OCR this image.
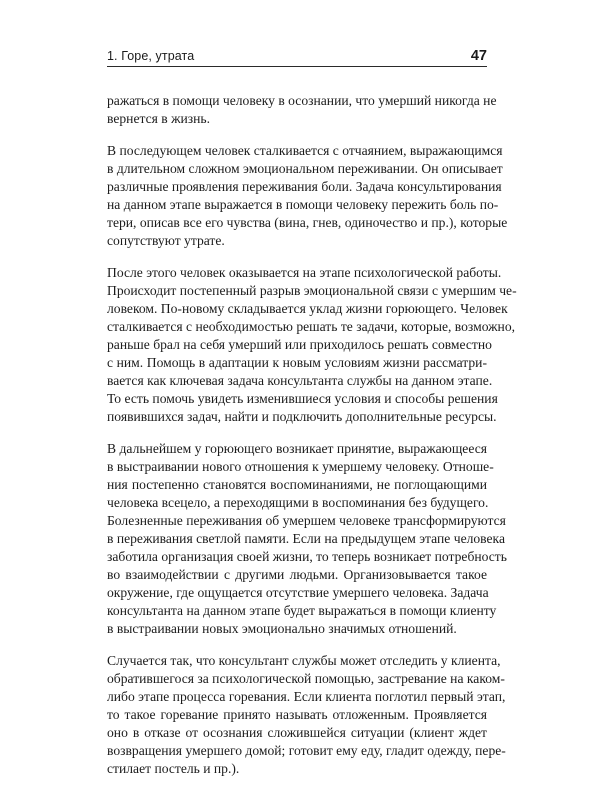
1. Горе, утрата	47

ражаться в помощи человеку в осознании, что умерший никогда не
вернется в жизнь.

В последующем человек сталкивается с отчаянием, выражающимся
в длительном сложном эмоциональном переживании. Он описывает
различные проявления переживания боли. Задача консультирования
на данном этапе выражается в помощи человеку пережить боль по-
тери, описав все его чувства (вина, гнев, одиночество и пр.), которые
сопутствуют утрате.

После этого человек оказывается на этапе психологической работы.
Происходит постепенный разрыв эмоциональной связи с умершим че-
ловеком. По-новому складывается уклад жизни горюющего. Человек
сталкивается с необходимостью решать те задачи, которые, возможно,
раньше брал на себя умерший или приходилось решать совместно
с ним. Помощь в адаптации к новым условиям жизни рассматри-
вается как ключевая задача консультанта службы на данном этапе.
То есть помочь увидеть изменившиеся условия и способы решения
появившихся задач, найти и подключить дополнительные ресурсы.

В дальнейшем у горюющего возникает принятие, выражающееся
в выстраивании нового отношения к умершему человеку. Отноше-
ния постепенно становятся воспоминаниями, не поглощающими
человека всецело, а переходящими в воспоминания без будущего.
Болезненные переживания об умершем человеке трансформируются
в переживания светлой памяти. Если на предыдущем этапе человека
заботила организация своей жизни, то теперь возникает потребность
во взаимодействии с другими людьми. Организовывается такое
окружение, где ощущается отсутствие умершего человека. Задача
консультанта на данном этапе будет выражаться в помощи клиенту
в выстраивании новых эмоционально значимых отношений.

Случается так, что консультант службы может отследить у клиента,
обратившегося за психологической помощью, застревание на каком-
либо этапе процесса горевания. Если клиента поглотил первый этап,
то такое горевание принято называть отложенным. Проявляется
оно в отказе от осознания сложившейся ситуации (клиент ждет
возвращения умершего домой; готовит ему еду, гладит одежду, пере-
стилает постель и пр.).
